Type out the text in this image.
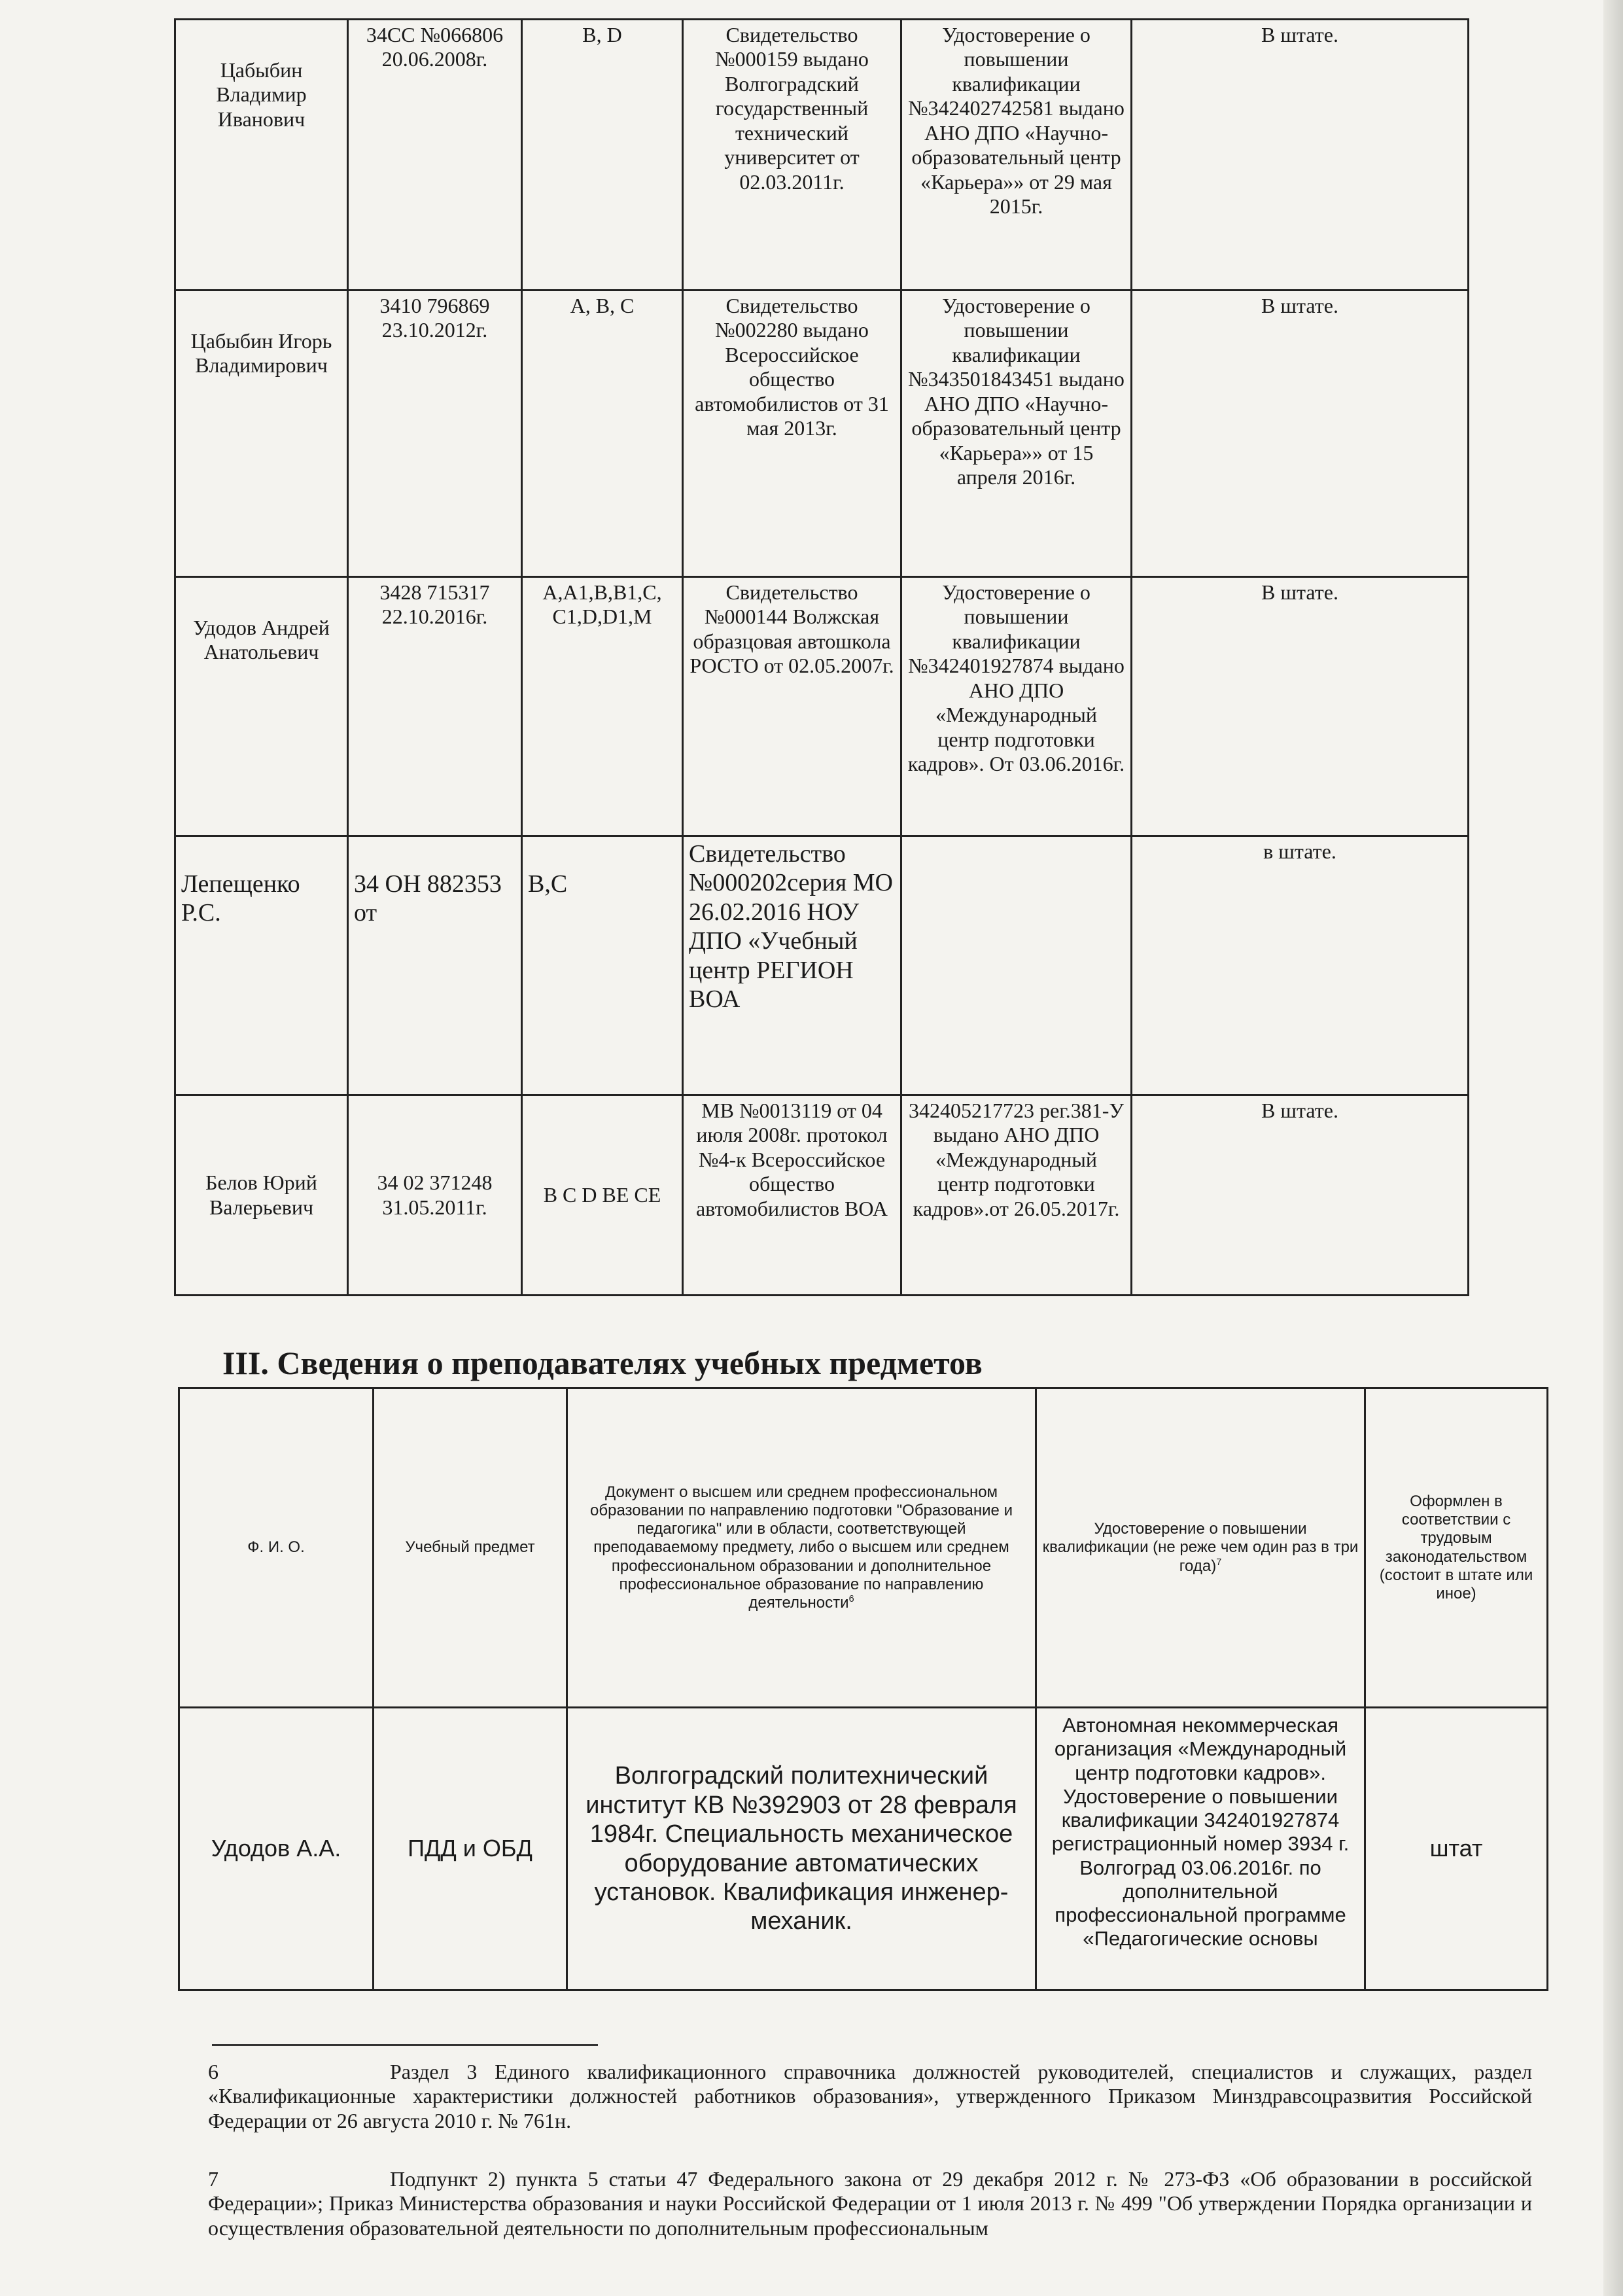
Цабыбин Владимир Иванович	34СС №066806 20.06.2008г.	B, D	Свидетельство №000159 выдано Волгоградский государственный технический университет от 02.03.2011г.	Удостоверение о повышении квалификации №342402742581 выдано АНО ДПО «Научно-образовательный центр «Карьера»» от 29 мая 2015г.	В штате.
Цабыбин Игорь Владимирович	3410 796869 23.10.2012г.	A, B, C	Свидетельство №002280 выдано Всероссийское общество автомобилистов от 31 мая 2013г.	Удостоверение о повышении квалификации №343501843451 выдано АНО ДПО «Научно-образовательный центр «Карьера»» от 15 апреля 2016г.	В штате.
Удодов Андрей Анатольевич	3428 715317 22.10.2016г.	A,A1,B,B1,C, C1,D,D1,M	Свидетельство №000144 Волжская образцовая автошкола РОСТО от 02.05.2007г.	Удостоверение о повышении квалификации №342401927874 выдано АНО ДПО «Международный центр подготовки кадров». От 03.06.2016г.	В штате.
Лепещенко Р.С.	34 ОН 882353 от	В,С	Свидетельство №000202серия МО 26.02.2016 НОУ ДПО «Учебный центр РЕГИОН ВОА		в штате.
Белов Юрий Валерьевич	34 02 371248 31.05.2011г.	B C D BE CE	МВ №0013119 от 04 июля 2008г. протокол №4-к Всероссийское общество автомобилистов ВОА	342405217723 рег.381-У выдано АНО ДПО «Международный центр подготовки кадров».от 26.05.2017г.	В штате.
III. Сведения о преподавателях учебных предметов
Ф. И. О.	Учебный предмет	Документ о высшем или среднем профессиональном образовании по направлению подготовки "Образование и педагогика" или в области, соответствующей преподаваемому предмету, либо о высшем или среднем профессиональном образовании и дополнительное профессиональное образование по направлению деятельности$^6$	Удостоверение о повышении квалификации (не реже чем один раз в три года)$^7$	Оформлен в соответствии с трудовым законодательством (состоит в штате или иное)
Удодов А.А.	ПДД и ОБД	Волгоградский политехнический институт КВ №392903 от 28 февраля 1984г. Специальность механическое оборудование автоматических установок. Квалификация инженер-механик.	Автономная некоммерческая организация «Международный центр подготовки кадров». Удостоверение о повышении квалификации 342401927874 регистрационный номер 3934 г. Волгоград 03.06.2016г. по дополнительной профессиональной программе «Педагогические основы	штат
6	Раздел 3 Единого квалификационного справочника должностей руководителей, специалистов и служащих, раздел «Квалификационные характеристики должностей работников образования», утвержденного Приказом Минздравсоцразвития Российской Федерации от 26 августа 2010 г. № 761н.
7	Подпункт 2) пункта 5 статьи 47 Федерального закона от 29 декабря 2012 г. № 273-ФЗ «Об образовании в российской Федерации»; Приказ Министерства образования и науки Российской Федерации от 1 июля 2013 г. № 499 "Об утверждении Порядка организации и осуществления образовательной деятельности по дополнительным профессиональным
